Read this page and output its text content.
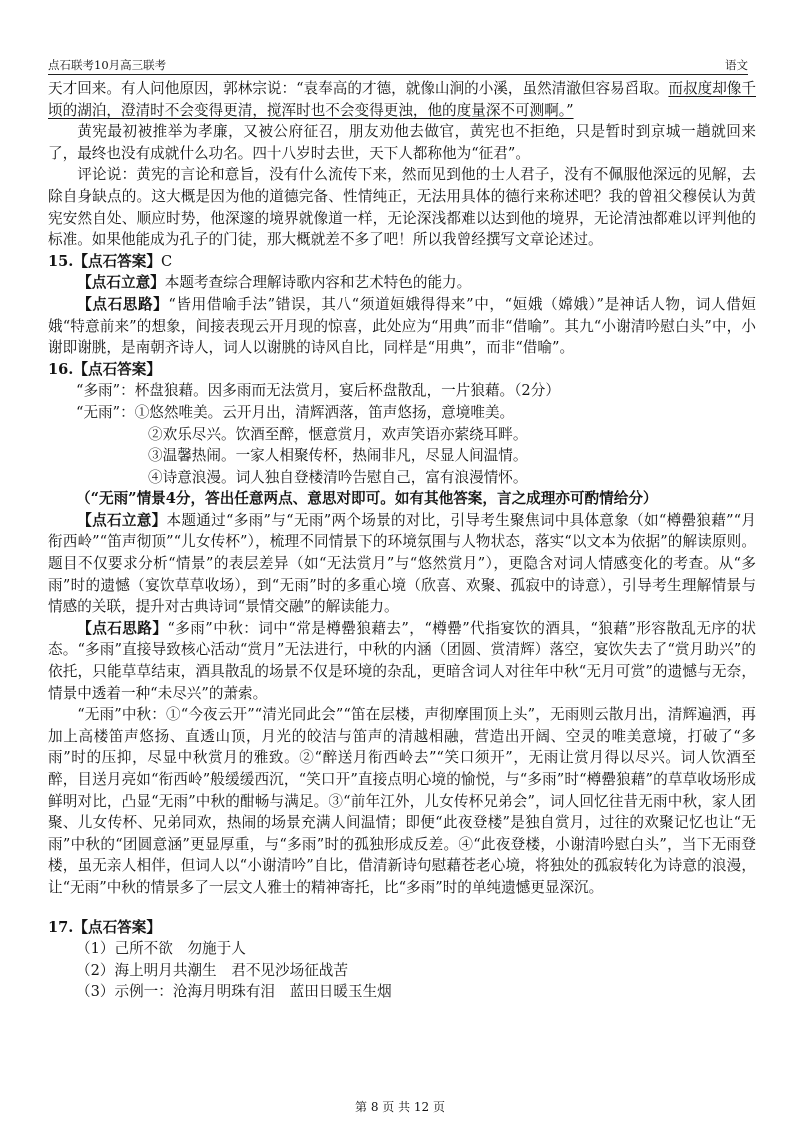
点石联考10月高三联考	语文

天才回来。有人问他原因，郭林宗说：“袁奉高的才德，就像山涧的小溪，虽然清澈但容易舀取。而叔度却像千顷的湖泊，澄清时不会变得更清，搅浑时也不会变得更浊，他的度量深不可测啊。”

黄宪最初被推举为孝廉，又被公府征召，朋友劝他去做官，黄宪也不拒绝，只是暂时到京城一趟就回来了，最终也没有成就什么功名。四十八岁时去世，天下人都称他为“征君”。

评论说：黄宪的言论和意旨，没有什么流传下来，然而见到他的士人君子，没有不佩服他深远的见解，去除自身缺点的。这大概是因为他的道德完备、性情纯正，无法用具体的德行来称述吧？我的曾祖父穆侯认为黄宪安然自处、顺应时势，他深邃的境界就像道一样，无论深浅都难以达到他的境界，无论清浊都难以评判他的标准。如果他能成为孔子的门徒，那大概就差不多了吧！所以我曾经撰写文章论述过。

15.【点石答案】C

【点石立意】本题考查综合理解诗歌内容和艺术特色的能力。

【点石思路】“皆用借喻手法”错误，其八“须道姮娥得得来”中，“姮娥（嫦娥）”是神话人物，词人借姮娥“特意前来”的想象，间接表现云开月现的惊喜，此处应为“用典”而非“借喻”。其九“小谢清吟慰白头”中，小谢即谢朓，是南朝齐诗人，词人以谢朓的诗风自比，同样是“用典”，而非“借喻”。

16.【点石答案】

“多雨”： 杯盘狼藉。因多雨而无法赏月，宴后杯盘散乱，一片狼藉。（2分）
“无雨”： ①悠然唯美。云开月出，清辉洒落，笛声悠扬，意境唯美。

②欢乐尽兴。饮酒至醉，惬意赏月，欢声笑语亦萦绕耳畔。

③温馨热闹。一家人相聚传杯，热闹非凡，尽显人间温情。

④诗意浪漫。词人独自登楼清吟告慰自己，富有浪漫情怀。

（“无雨”情景4分，答出任意两点、意思对即可。如有其他答案，言之成理亦可酌情给分）

【点石立意】本题通过“多雨”与“无雨”两个场景的对比，引导考生聚焦词中具体意象（如“樽罍狼藉”“月衔西岭”“笛声彻顶”“儿女传杯”），梳理不同情景下的环境氛围与人物状态，落实“以文本为依据”的解读原则。题目不仅要求分析“情景”的表层差异（如“无法赏月”与“悠然赏月”），更隐含对词人情感变化的考查。从“多雨”时的遗憾（宴饮草草收场），到“无雨”时的多重心境（欣喜、欢聚、孤寂中的诗意），引导考生理解情景与情感的关联，提升对古典诗词“景情交融”的解读能力。

【点石思路】“多雨”中秋：词中“常是樽罍狼藉去”，“樽罍”代指宴饮的酒具，“狼藉”形容散乱无序的状态。“多雨”直接导致核心活动“赏月”无法进行，中秋的内涵（团圆、赏清辉）落空，宴饮失去了“赏月助兴”的依托，只能草草结束，酒具散乱的场景不仅是环境的杂乱，更暗含词人对往年中秋“无月可赏”的遗憾与无奈，情景中透着一种“未尽兴”的萧索。

“无雨”中秋：①“今夜云开”“清光同此会”“笛在层楼，声彻摩围顶上头”，无雨则云散月出，清辉遍洒，再加上高楼笛声悠扬、直透山顶，月光的皎洁与笛声的清越相融，营造出开阔、空灵的唯美意境，打破了“多雨”时的压抑，尽显中秋赏月的雅致。②“醉送月衔西岭去”“笑口须开”，无雨让赏月得以尽兴。词人饮酒至醉，目送月亮如“衔西岭”般缓缓西沉，“笑口开”直接点明心境的愉悦，与“多雨”时“樽罍狼藉”的草草收场形成鲜明对比，凸显“无雨”中秋的酣畅与满足。③“前年江外，儿女传杯兄弟会”，词人回忆往昔无雨中秋，家人团聚、儿女传杯、兄弟同欢，热闹的场景充满人间温情；即便“此夜登楼”是独自赏月，过往的欢聚记忆也让“无雨”中秋的“团圆意涵”更显厚重，与“多雨”时的孤独形成反差。④“此夜登楼，小谢清吟慰白头”，当下无雨登楼，虽无亲人相伴，但词人以“小谢清吟”自比，借清新诗句慰藉苍老心境，将独处的孤寂转化为诗意的浪漫，让“无雨”中秋的情景多了一层文人雅士的精神寄托，比“多雨”时的单纯遗憾更显深沉。

17.【点石答案】

（1）己所不欲　勿施于人

（2）海上明月共潮生　君不见沙场征战苦

（3）示例一：沧海月明珠有泪　蓝田日暖玉生烟

第 8 页 共 12 页
